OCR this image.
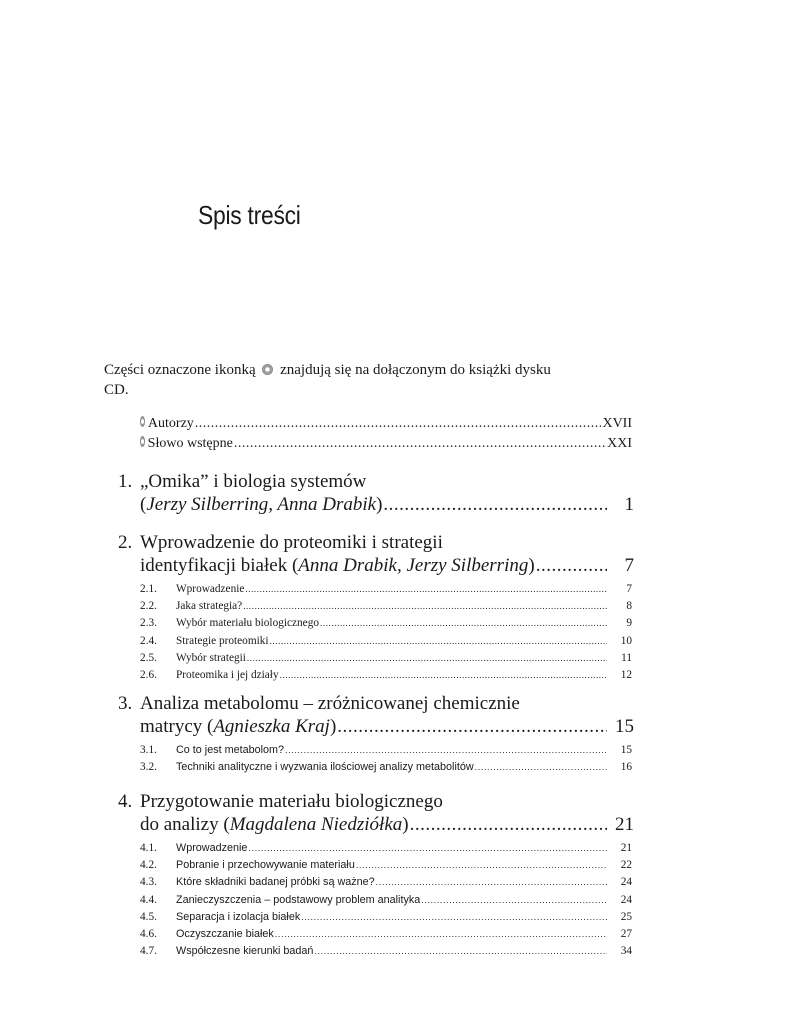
Spis treści
Części oznaczone ikonką znajdują się na dołączonym do książki dysku CD.
Autorzy .....	XVII
Słowo wstępne .....	XXI
1. „Omika” i biologia systemów
(Jerzy Silberring, Anna Drabik) .....	1
2. Wprowadzenie do proteomiki i strategii
identyfikacji białek (Anna Drabik, Jerzy Silberring) .....	7
2.1.	Wprowadzenie .....	7
2.2.	Jaka strategia? .....	8
2.3.	Wybór materiału biologicznego .....	9
2.4.	Strategie proteomiki .....	10
2.5.	Wybór strategii .....	11
2.6.	Proteomika i jej działy .....	12
3. Analiza metabolomu – zróżnicowanej chemicznie
matrycy (Agnieszka Kraj) .....	15
3.1.	Co to jest metabolom? .....	15
3.2.	Techniki analityczne i wyzwania ilościowej analizy metabolitów .....	16
4. Przygotowanie materiału biologicznego
do analizy (Magdalena Niedziółka) .....	21
4.1.	Wprowadzenie .....	21
4.2.	Pobranie i przechowywanie materiału .....	22
4.3.	Które składniki badanej próbki są ważne? .....	24
4.4.	Zanieczyszczenia – podstawowy problem analityka .....	24
4.5.	Separacja i izolacja białek .....	25
4.6.	Oczyszczanie białek .....	27
4.7.	Współczesne kierunki badań .....	34
